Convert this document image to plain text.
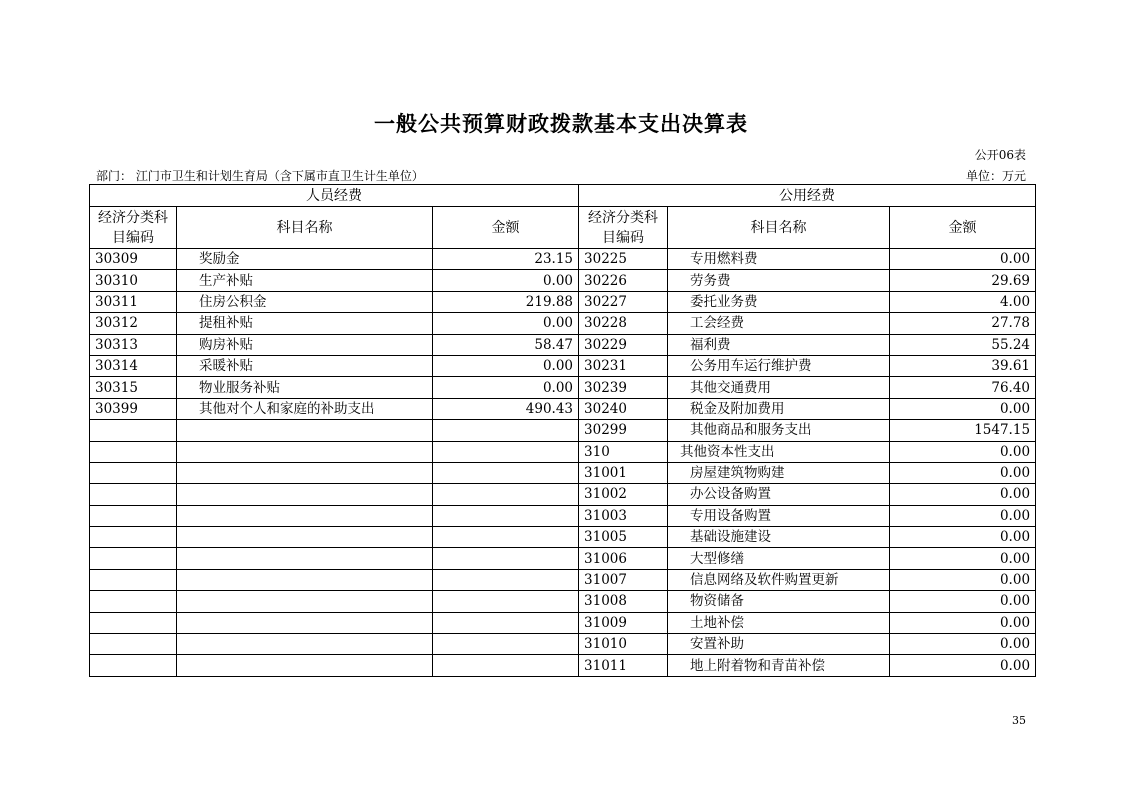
一般公共预算财政拨款基本支出决算表
公开06表
部门： 江门市卫生和计划生育局（含下属市直卫生计生单位）	单位：万元
人员经费			公用经费		
经济分类科目编码	科目名称	金额	经济分类科目编码	科目名称	金额
30309	奖励金	23.15	30225	专用燃料费	0.00
30310	生产补贴	0.00	30226	劳务费	29.69
30311	住房公积金	219.88	30227	委托业务费	4.00
30312	提租补贴	0.00	30228	工会经费	27.78
30313	购房补贴	58.47	30229	福利费	55.24
30314	采暖补贴	0.00	30231	公务用车运行维护费	39.61
30315	物业服务补贴	0.00	30239	其他交通费用	76.40
30399	其他对个人和家庭的补助支出	490.43	30240	税金及附加费用	0.00
			30299	其他商品和服务支出	1547.15
			310	其他资本性支出	0.00
			31001	房屋建筑物购建	0.00
			31002	办公设备购置	0.00
			31003	专用设备购置	0.00
			31005	基础设施建设	0.00
			31006	大型修缮	0.00
			31007	信息网络及软件购置更新	0.00
			31008	物资储备	0.00
			31009	土地补偿	0.00
			31010	安置补助	0.00
			31011	地上附着物和青苗补偿	0.00
35
